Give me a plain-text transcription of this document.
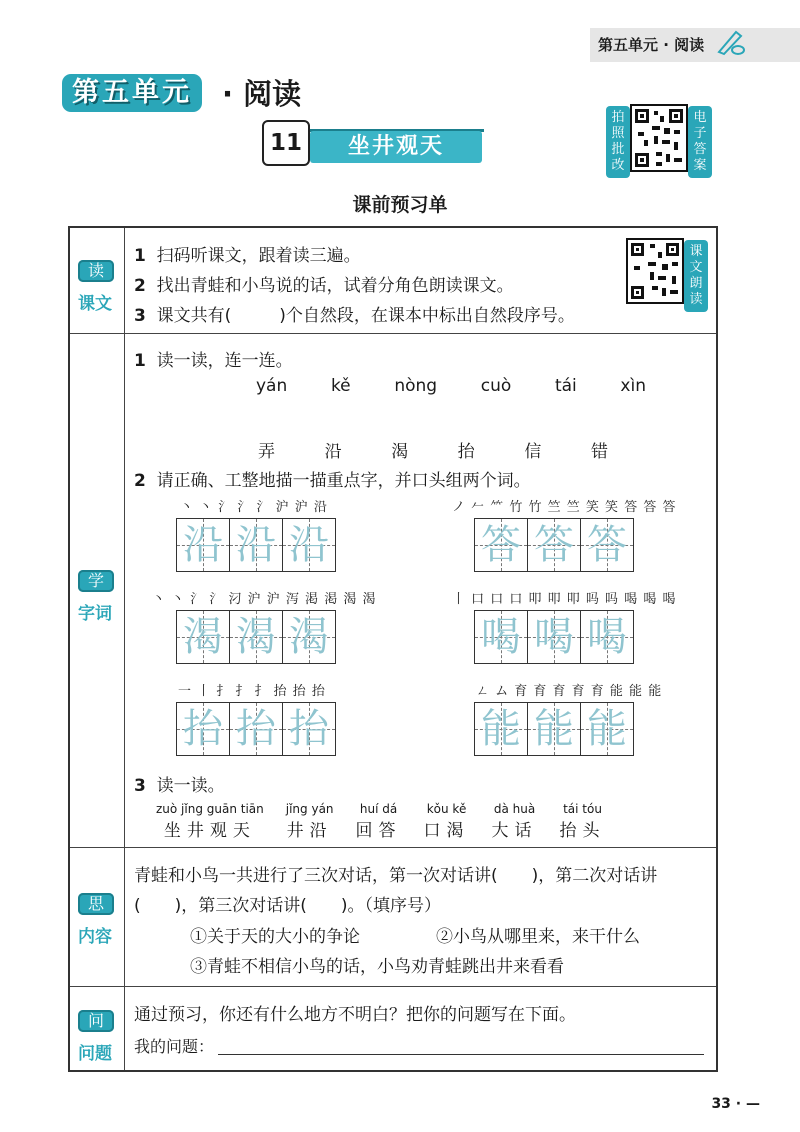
第五单元 · 阅读
第五单元	· 阅读
11	坐井观天
拍照批改
电子答案
课前预习单
读
课文
1 扫码听课文，跟着读三遍。
2 找出青蛙和小鸟说的话，试着分角色朗读课文。
3 课文共有(	)个自然段，在课本中标出自然段序号。
课文朗读
学
字词
1 读一读，连一连。
yán	kě	nòng	cuò	tái	xìn
弄	沿	渴	抬	信	错
2 请正确、工整地描一描重点字，并口头组两个词。
丶 丶 氵 氵 氵 沪 沪 沿
沿 沿 沿
ノ 𠂉 ⺮ 竹 竹 竺 竺 笑 笑 答 答 答
答 答 答
丶 丶 氵 氵 汈 沪 沪 泻 渇 渇 渴 渴
渴 渴 渴
丨 口 口 口 叩 叩 叩 吗 吗 喝 喝 喝
喝 喝 喝
一 丨 扌 扌 扌 抬 抬 抬
抬 抬 抬
ㄥ ム 育 育 育 育 育 能 能 能
能 能 能
3 读一读。
zuò jǐng guān tiān
坐井观天
jǐng yán
井沿
huí dá
回答
kǒu kě
口渴
dà huà
大话
tái tóu
抬头
思
内容
青蛙和小鸟一共进行了三次对话，第一次对话讲( )，第二次对话讲
( )，第三次对话讲( )。（填序号）
①关于天的大小的争论	②小鸟从哪里来，来干什么
③青蛙不相信小鸟的话，小鸟劝青蛙跳出井来看看
问
问题
通过预习，你还有什么地方不明白？把你的问题写在下面。
我的问题：
33 · —
